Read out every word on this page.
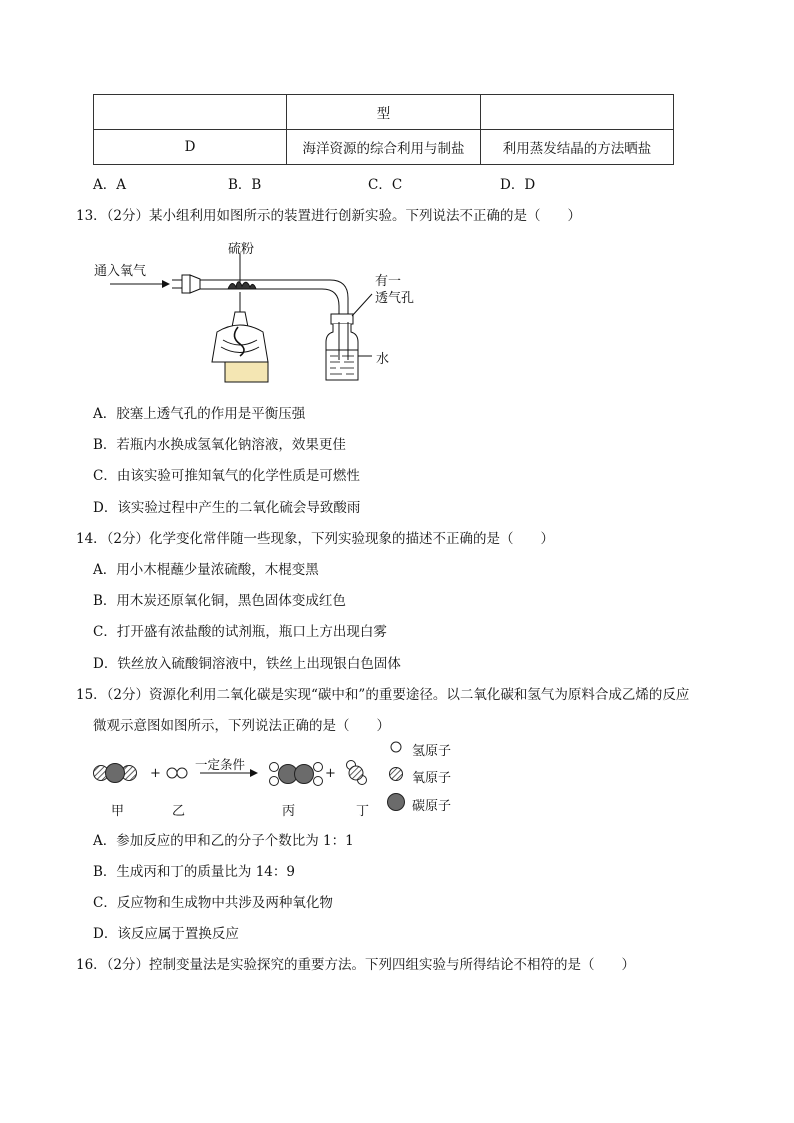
	型	
D	海洋资源的综合利用与制盐	利用蒸发结晶的方法晒盐
A．A	B．B	C．C	D．D
13．（2分）某小组利用如图所示的装置进行创新实验。下列说法不正确的是（　　）
通入氧气
硫粉
有一
透气孔
水
A．胶塞上透气孔的作用是平衡压强
B．若瓶内水换成氢氧化钠溶液，效果更佳
C．由该实验可推知氧气的化学性质是可燃性
D．该实验过程中产生的二氧化硫会导致酸雨
14．（2分）化学变化常伴随一些现象，下列实验现象的描述不正确的是（　　）
A．用小木棍蘸少量浓硫酸，木棍变黑
B．用木炭还原氧化铜，黑色固体变成红色
C．打开盛有浓盐酸的试剂瓶，瓶口上方出现白雾
D．铁丝放入硫酸铜溶液中，铁丝上出现银白色固体
15．（2分）资源化利用二氧化碳是实现“碳中和”的重要途径。以二氧化碳和氢气为原料合成乙烯的反应
微观示意图如图所示，下列说法正确的是（　　）
+	+
一定条件
甲	乙	丙	丁
氢原子
氧原子
碳原子
A．参加反应的甲和乙的分子个数比为 1：1
B．生成丙和丁的质量比为 14：9
C．反应物和生成物中共涉及两种氧化物
D．该反应属于置换反应
16．（2分）控制变量法是实验探究的重要方法。下列四组实验与所得结论不相符的是（　　）
